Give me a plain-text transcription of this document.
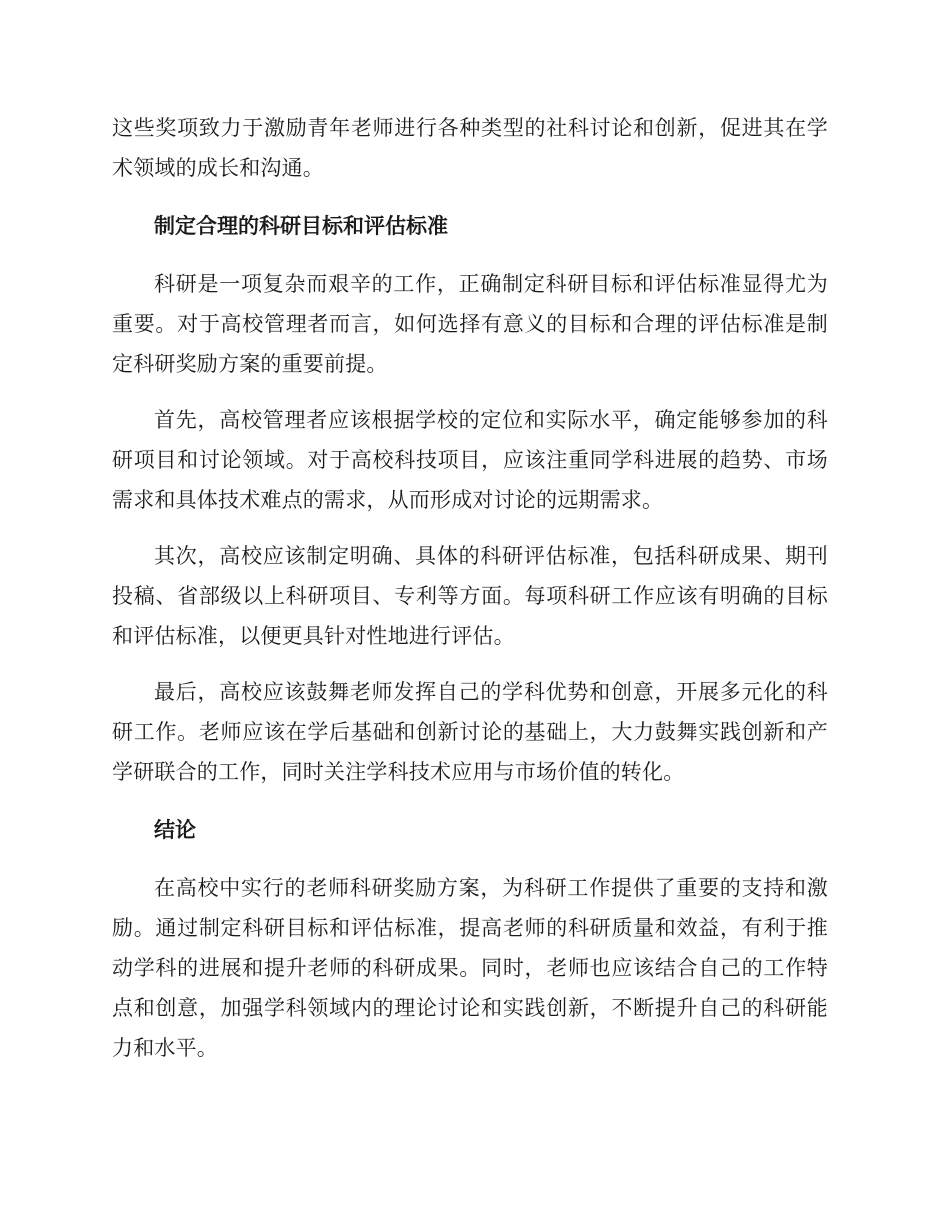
这些奖项致力于激励青年老师进行各种类型的社科讨论和创新，促进其在学术领域的成长和沟通。

制定合理的科研目标和评估标准

科研是一项复杂而艰辛的工作，正确制定科研目标和评估标准显得尤为重要。对于高校管理者而言，如何选择有意义的目标和合理的评估标准是制定科研奖励方案的重要前提。

首先，高校管理者应该根据学校的定位和实际水平，确定能够参加的科研项目和讨论领域。对于高校科技项目，应该注重同学科进展的趋势、市场需求和具体技术难点的需求，从而形成对讨论的远期需求。

其次，高校应该制定明确、具体的科研评估标准，包括科研成果、期刊投稿、省部级以上科研项目、专利等方面。每项科研工作应该有明确的目标和评估标准，以便更具针对性地进行评估。

最后，高校应该鼓舞老师发挥自己的学科优势和创意，开展多元化的科研工作。老师应该在学后基础和创新讨论的基础上，大力鼓舞实践创新和产学研联合的工作，同时关注学科技术应用与市场价值的转化。

结论

在高校中实行的老师科研奖励方案，为科研工作提供了重要的支持和激励。通过制定科研目标和评估标准，提高老师的科研质量和效益，有利于推动学科的进展和提升老师的科研成果。同时，老师也应该结合自己的工作特点和创意，加强学科领域内的理论讨论和实践创新，不断提升自己的科研能力和水平。
